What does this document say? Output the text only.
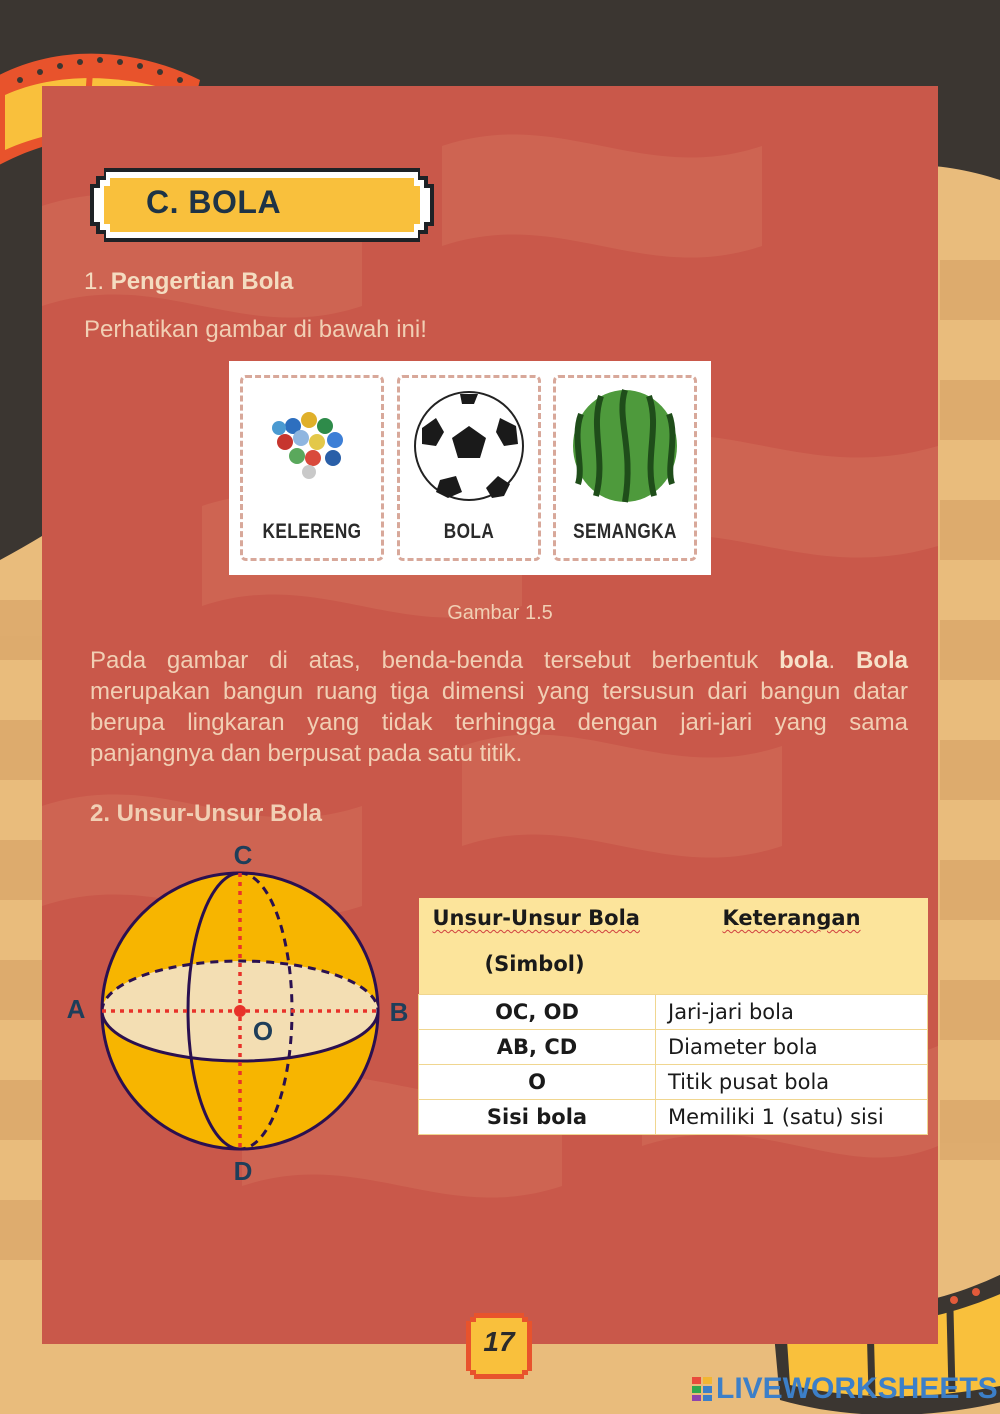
C. BOLA
1. Pengertian Bola
Perhatikan gambar di bawah ini!
KELERENG	BOLA	SEMANGKA
Gambar 1.5
Pada gambar di atas, benda-benda tersebut berbentuk bola. Bola merupakan bangun ruang tiga dimensi yang tersusun dari bangun datar berupa lingkaran yang tidak terhingga dengan jari-jari yang sama panjangnya dan berpusat pada satu titik.
2. Unsur-Unsur Bola
C
A	B
O
D
Unsur-Unsur Bola
(Simbol)	Keterangan
OC, OD	Jari-jari bola
AB, CD	Diameter bola
O	Titik pusat bola
Sisi bola	Memiliki 1 (satu) sisi
17
LIVEWORKSHEETS
